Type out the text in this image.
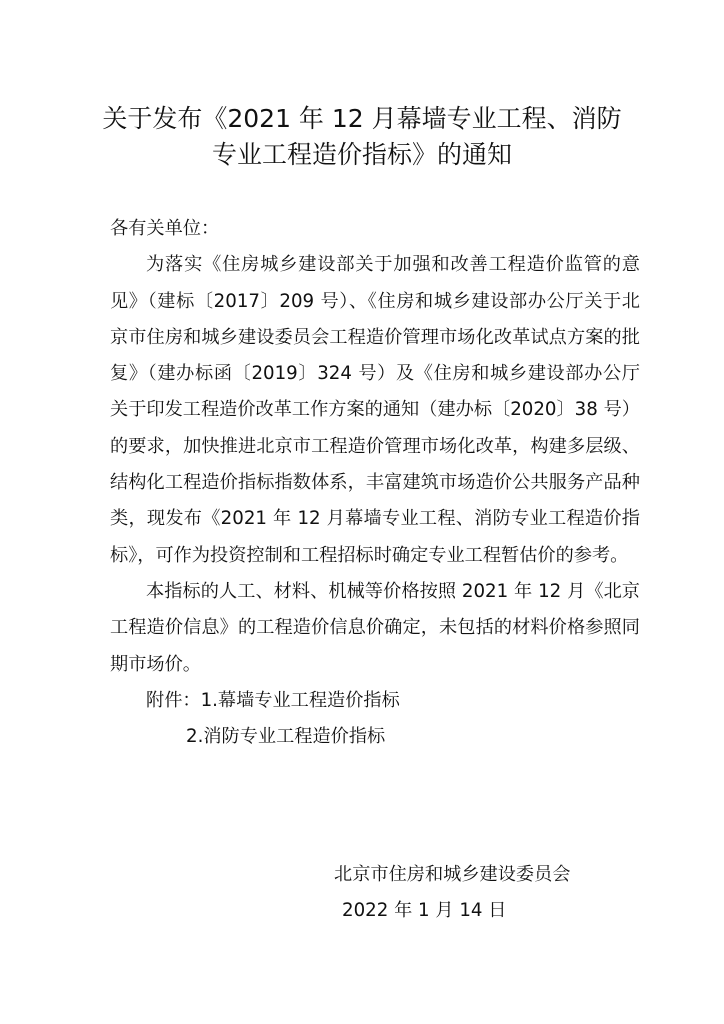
关于发布《2021 年 12 月幕墙专业工程、消防
专业工程造价指标》的通知

各有关单位：

为落实《住房城乡建设部关于加强和改善工程造价监管的意见》（建标〔2017〕209 号）、《住房和城乡建设部办公厅关于北京市住房和城乡建设委员会工程造价管理市场化改革试点方案的批复》（建办标函〔2019〕324 号）及《住房和城乡建设部办公厅关于印发工程造价改革工作方案的通知（建办标〔2020〕38 号）的要求，加快推进北京市工程造价管理市场化改革，构建多层级、结构化工程造价指标指数体系，丰富建筑市场造价公共服务产品种类，现发布《2021 年 12 月幕墙专业工程、消防专业工程造价指标》，可作为投资控制和工程招标时确定专业工程暂估价的参考。

本指标的人工、材料、机械等价格按照 2021 年 12 月《北京工程造价信息》的工程造价信息价确定，未包括的材料价格参照同期市场价。

附件：1.幕墙专业工程造价指标

2.消防专业工程造价指标

北京市住房和城乡建设委员会
2022 年 1 月 14 日
